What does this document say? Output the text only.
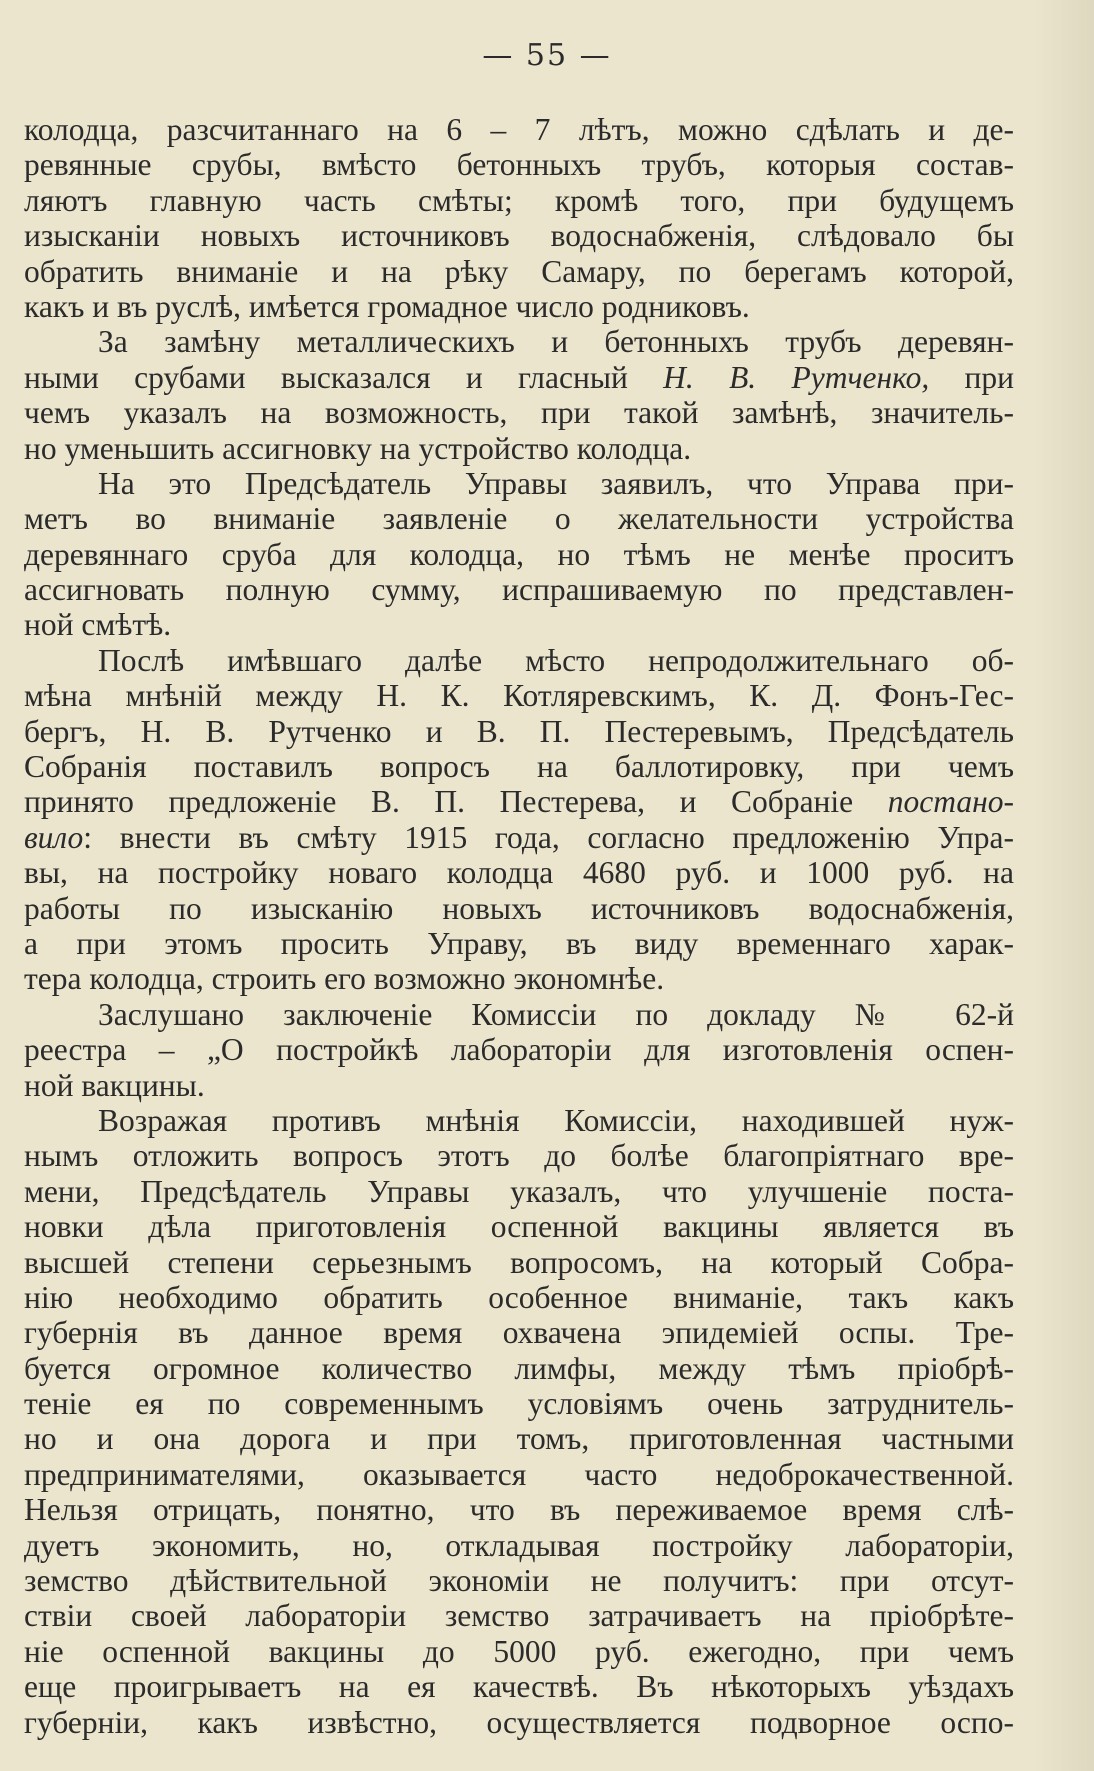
— 55 —
колодца, разсчитаннаго на 6 – 7 лѣтъ, можно сдѣлать и де-
ревянные срубы, вмѣсто бетонныхъ трубъ, которыя состав-
ляютъ главную часть смѣты; кромѣ того, при будущемъ
изысканіи новыхъ источниковъ водоснабженія, слѣдовало бы
обратить вниманіе и на рѣку Самару, по берегамъ которой,
какъ и въ руслѣ, имѣется громадное число родниковъ.
За замѣну металлическихъ и бетонныхъ трубъ деревян-
ными срубами высказался и гласный Н. В. Рутченко, при
чемъ указалъ на возможность, при такой замѣнѣ, значитель-
но уменьшить ассигновку на устройство колодца.
На это Предсѣдатель Управы заявилъ, что Управа при-
метъ во вниманіе заявленіе о желательности устройства
деревяннаго сруба для колодца, но тѣмъ не менѣе проситъ
ассигновать полную сумму, испрашиваемую по представлен-
ной смѣтѣ.
Послѣ имѣвшаго далѣе мѣсто непродолжительнаго об-
мѣна мнѣній между Н. К. Котляревскимъ, К. Д. Фонъ-Гес-
бергъ, Н. В. Рутченко и В. П. Пестеревымъ, Предсѣдатель
Собранія поставилъ вопросъ на баллотировку, при чемъ
принято предложеніе В. П. Пестерева, и Собраніе постано-
вило: внести въ смѣту 1915 года, согласно предложенію Упра-
вы, на постройку новаго колодца 4680 руб. и 1000 руб. на
работы по изысканію новыхъ источниковъ водоснабженія,
а при этомъ просить Управу, въ виду временнаго харак-
тера колодца, строить его возможно экономнѣе.
Заслушано заключеніе Комиссіи по докладу № 62-й
реестра – „О постройкѣ лабораторіи для изготовленія оспен-
ной вакцины.
Возражая противъ мнѣнія Комиссіи, находившей нуж-
нымъ отложить вопросъ этотъ до болѣе благопріятнаго вре-
мени, Предсѣдатель Управы указалъ, что улучшеніе поста-
новки дѣла приготовленія оспенной вакцины является въ
высшей степени серьезнымъ вопросомъ, на который Собра-
нію необходимо обратить особенное вниманіе, такъ какъ
губернія въ данное время охвачена эпидеміей оспы. Тре-
буется огромное количество лимфы, между тѣмъ пріобрѣ-
теніе ея по современнымъ условіямъ очень затруднитель-
но и она дорога и при томъ, приготовленная частными
предпринимателями, оказывается часто недоброкачественной.
Нельзя отрицать, понятно, что въ переживаемое время слѣ-
дуетъ экономить, но, откладывая постройку лабораторіи,
земство дѣйствительной экономіи не получитъ: при отсут-
ствіи своей лабораторіи земство затрачиваетъ на пріобрѣте-
ніе оспенной вакцины до 5000 руб. ежегодно, при чемъ
еще проигрываетъ на ея качествѣ. Въ нѣкоторыхъ уѣздахъ
губерніи, какъ извѣстно, осуществляется подворное оспо-
